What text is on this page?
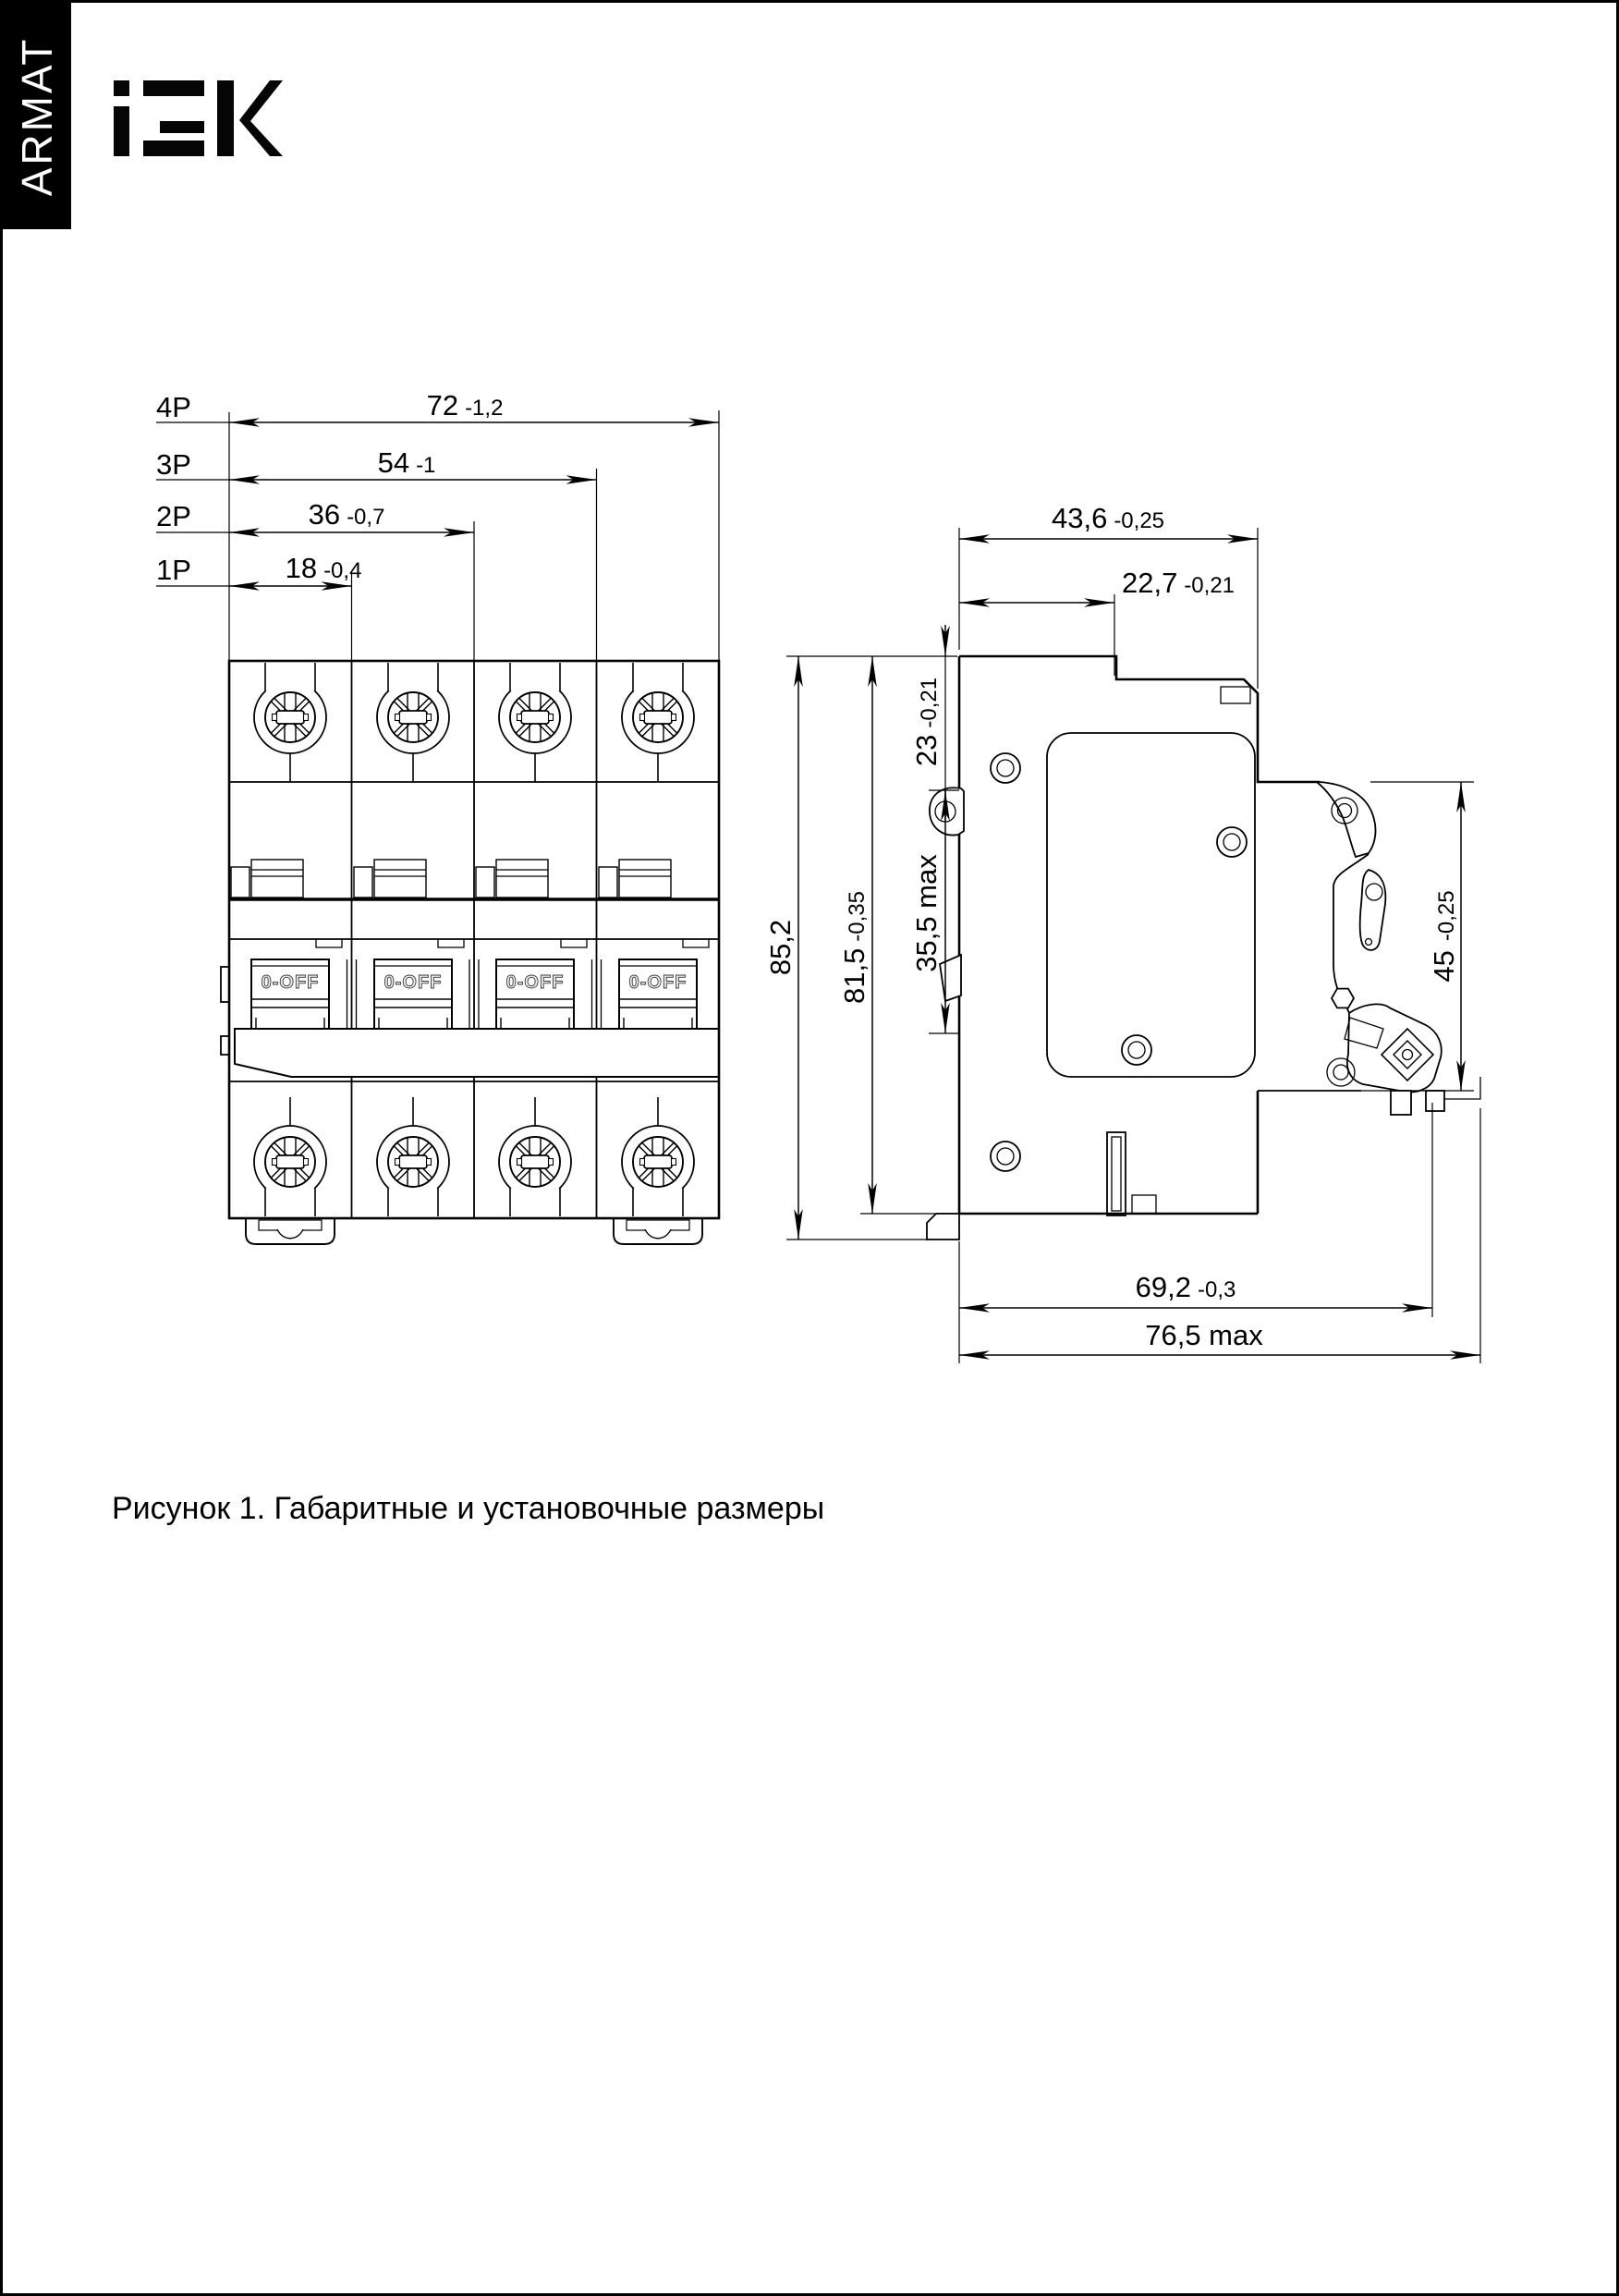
ARMAT
0-OFF	0-OFF	0-OFF	0-OFF
4P
3P
2P
1P
72 -1,2
54 -1
36 -0,7
18 -0,4
43,6 -0,25
22,7 -0,21
23-0,21
35,5 max
85,2
81,5-0,35
45-0,25
69,2 -0,3
76,5 max
Рисунок 1. Габаритные и установочные размеры
